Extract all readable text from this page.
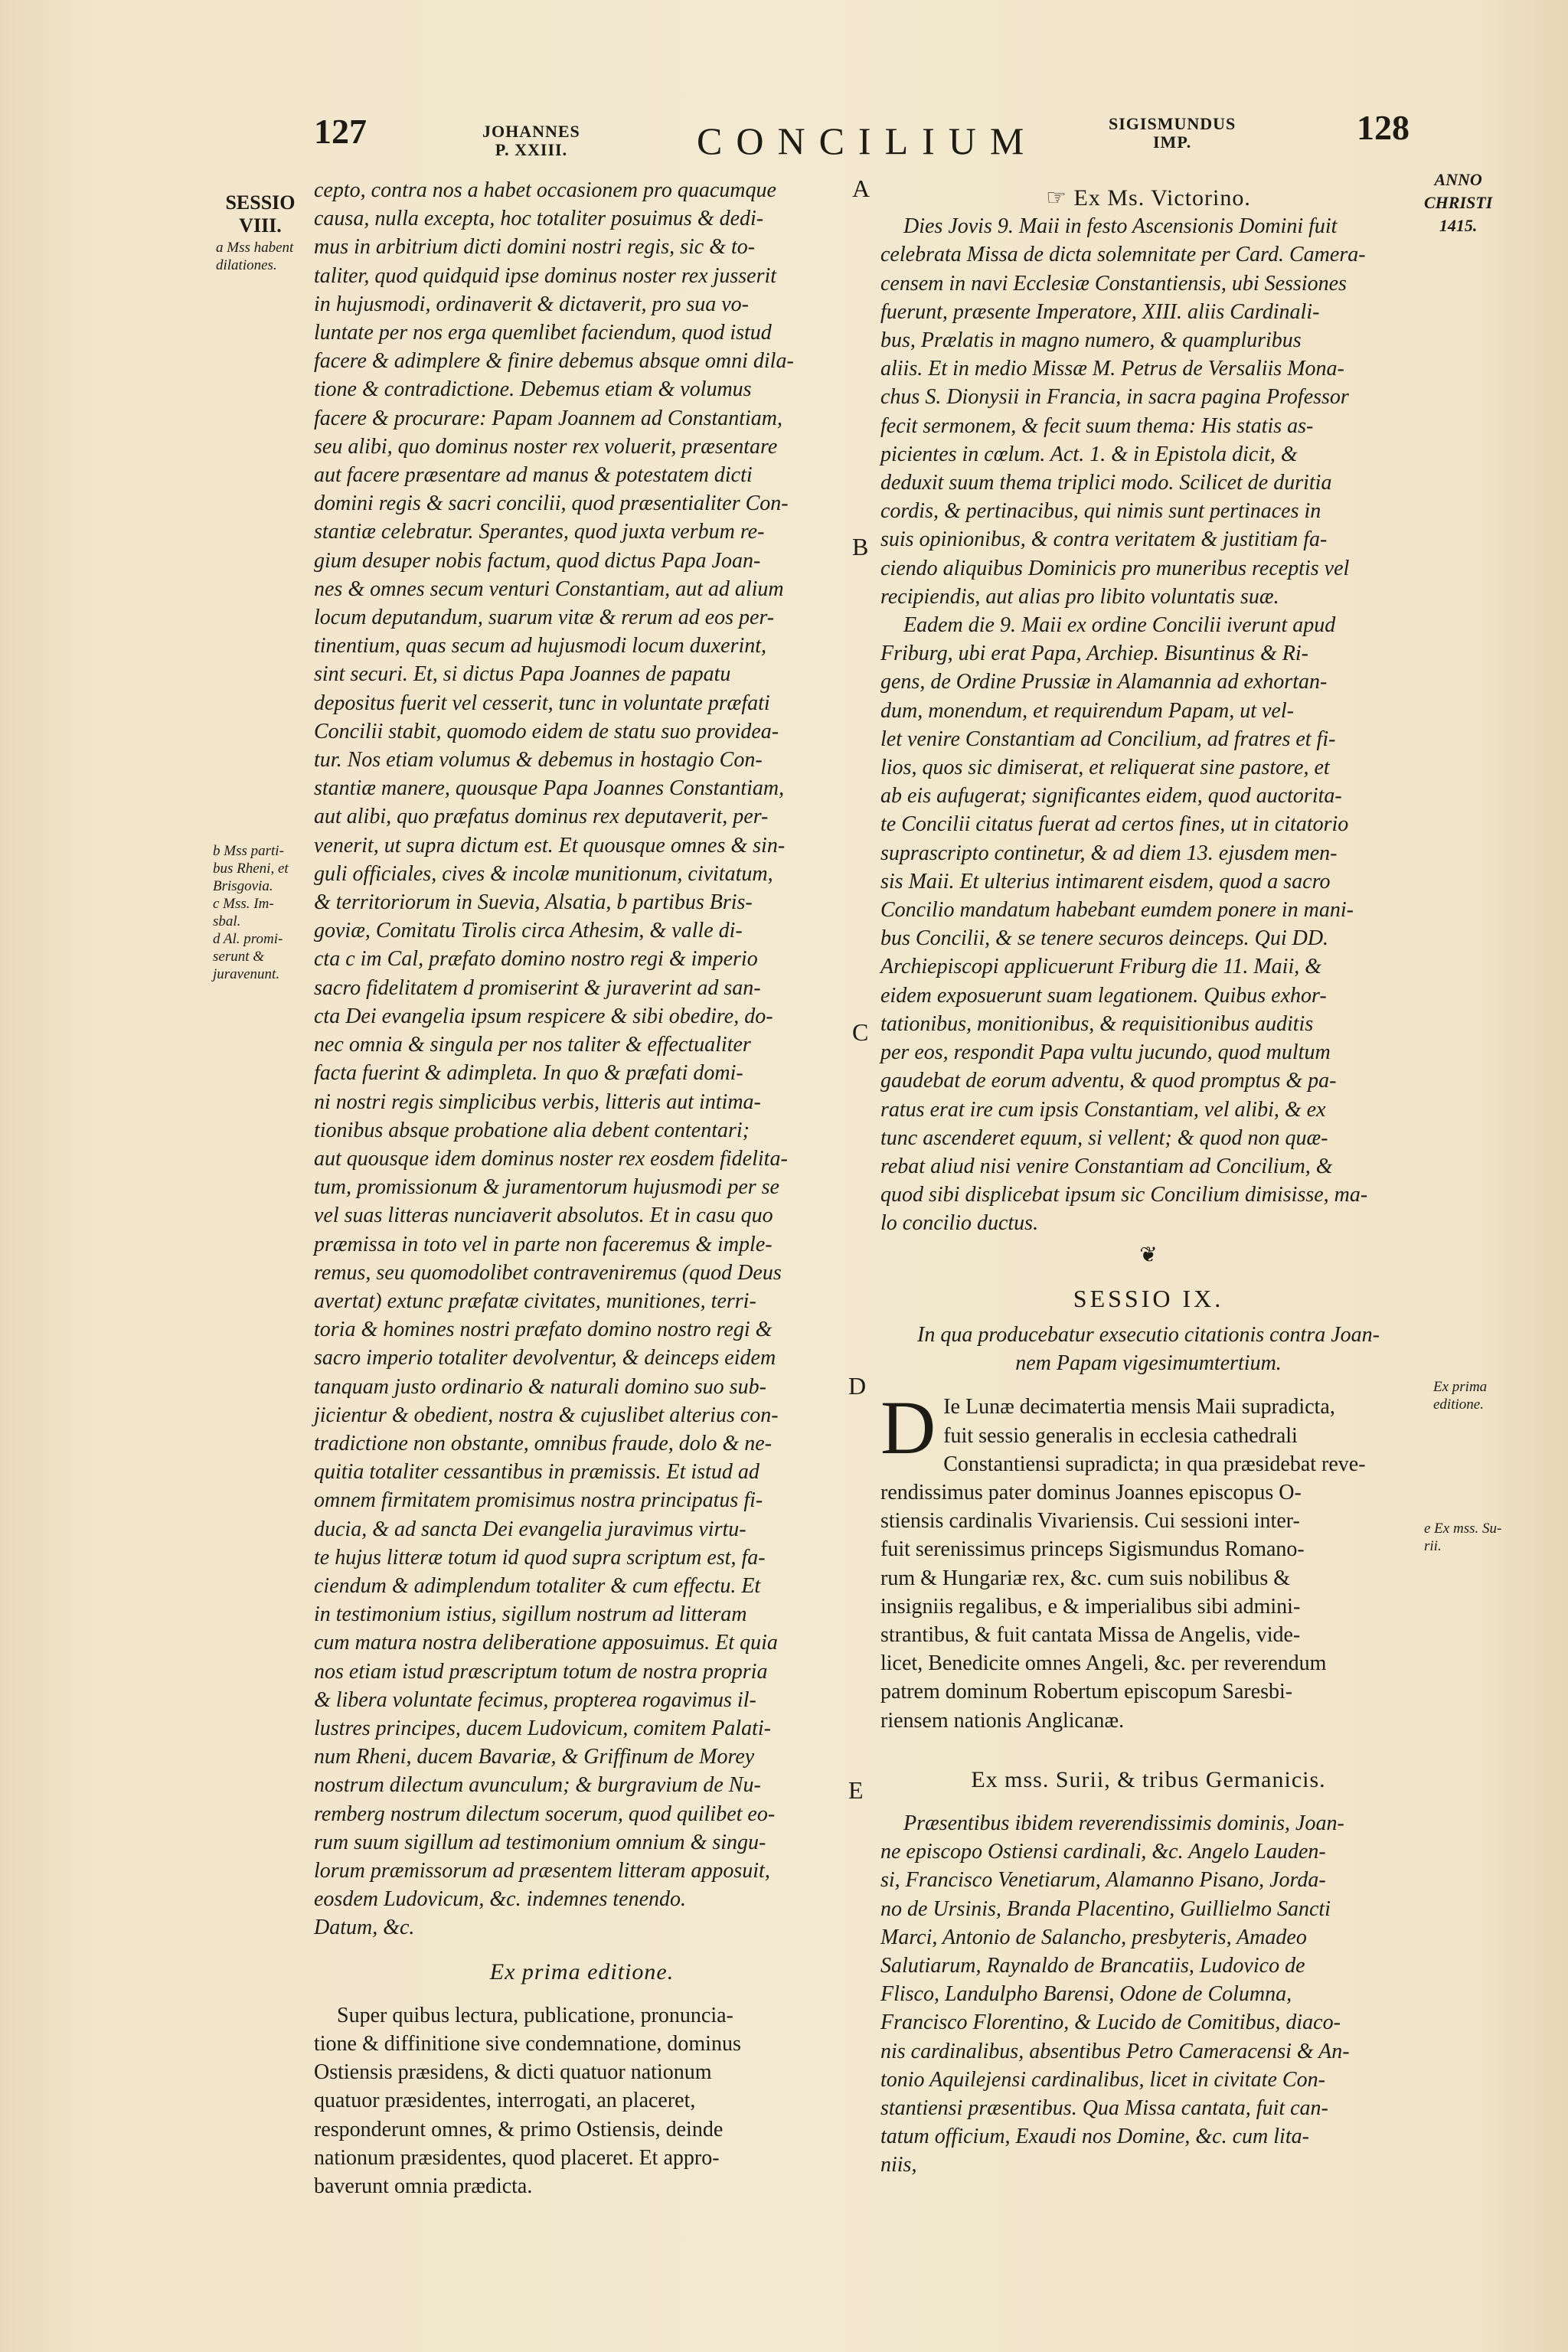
127	JOHANNES
P. XXIII.	CONCILIUM	SIGISMUNDUS
IMP.	128
ANNO
CHRISTI
1415.
SESSIO
VIII.
a Mss habent
dilationes.
b Mss parti-
bus Rheni, et
Brisgovia.
c Mss. Im-
sbal.
d Al. promi-
serunt &
juravenunt.
Ex prima
editione.
e Ex mss. Su-
rii.
A
B
C
D
E
cepto, contra nos a habet occasionem pro quacumque
causa, nulla excepta, hoc totaliter posuimus & dedi-
mus in arbitrium dicti domini nostri regis, sic & to-
taliter, quod quidquid ipse dominus noster rex jusserit
in hujusmodi, ordinaverit & dictaverit, pro sua vo-
luntate per nos erga quemlibet faciendum, quod istud
facere & adimplere & finire debemus absque omni dila-
tione & contradictione. Debemus etiam & volumus
facere & procurare: Papam Joannem ad Constantiam,
seu alibi, quo dominus noster rex voluerit, præsentare
aut facere præsentare ad manus & potestatem dicti
domini regis & sacri concilii, quod præsentialiter Con-
stantiæ celebratur. Sperantes, quod juxta verbum re-
gium desuper nobis factum, quod dictus Papa Joan-
nes & omnes secum venturi Constantiam, aut ad alium
locum deputandum, suarum vitæ & rerum ad eos per-
tinentium, quas secum ad hujusmodi locum duxerint,
sint securi. Et, si dictus Papa Joannes de papatu
depositus fuerit vel cesserit, tunc in voluntate præfati
Concilii stabit, quomodo eidem de statu suo providea-
tur. Nos etiam volumus & debemus in hostagio Con-
stantiæ manere, quousque Papa Joannes Constantiam,
aut alibi, quo præfatus dominus rex deputaverit, per-
venerit, ut supra dictum est. Et quousque omnes & sin-
guli officiales, cives & incolæ munitionum, civitatum,
& territoriorum in Suevia, Alsatia, b partibus Bris-
goviæ, Comitatu Tirolis circa Athesim, & valle di-
cta c im Cal, præfato domino nostro regi & imperio
sacro fidelitatem d promiserint & juraverint ad san-
cta Dei evangelia ipsum respicere & sibi obedire, do-
nec omnia & singula per nos taliter & effectualiter
facta fuerint & adimpleta. In quo & præfati domi-
ni nostri regis simplicibus verbis, litteris aut intima-
tionibus absque probatione alia debent contentari;
aut quousque idem dominus noster rex eosdem fidelita-
tum, promissionum & juramentorum hujusmodi per se
vel suas litteras nunciaverit absolutos. Et in casu quo
præmissa in toto vel in parte non faceremus & imple-
remus, seu quomodolibet contraveniremus (quod Deus
avertat) extunc præfatæ civitates, munitiones, terri-
toria & homines nostri præfato domino nostro regi &
sacro imperio totaliter devolventur, & deinceps eidem
tanquam justo ordinario & naturali domino suo sub-
jicientur & obedient, nostra & cujuslibet alterius con-
tradictione non obstante, omnibus fraude, dolo & ne-
quitia totaliter cessantibus in præmissis. Et istud ad
omnem firmitatem promisimus nostra principatus fi-
ducia, & ad sancta Dei evangelia juravimus virtu-
te hujus litteræ totum id quod supra scriptum est, fa-
ciendum & adimplendum totaliter & cum effectu. Et
in testimonium istius, sigillum nostrum ad litteram
cum matura nostra deliberatione apposuimus. Et quia
nos etiam istud præscriptum totum de nostra propria
& libera voluntate fecimus, propterea rogavimus il-
lustres principes, ducem Ludovicum, comitem Palati-
num Rheni, ducem Bavariæ, & Griffinum de Morey
nostrum dilectum avunculum; & burgravium de Nu-
remberg nostrum dilectum socerum, quod quilibet eo-
rum suum sigillum ad testimonium omnium & singu-
lorum præmissorum ad præsentem litteram apposuit,
eosdem Ludovicum, &c. indemnes tenendo.
Datum, &c.
Ex prima editione.
Super quibus lectura, publicatione, pronuncia-
tione & diffinitione sive condemnatione, dominus
Ostiensis præsidens, & dicti quatuor nationum
quatuor præsidentes, interrogati, an placeret,
responderunt omnes, & primo Ostiensis, deinde
nationum præsidentes, quod placeret. Et appro-
baverunt omnia prædicta.
☞ Ex Ms. Victorino.
Dies Jovis 9. Maii in festo Ascensionis Domini fuit
celebrata Missa de dicta solemnitate per Card. Camera-
censem in navi Ecclesiæ Constantiensis, ubi Sessiones
fuerunt, præsente Imperatore, XIII. aliis Cardinali-
bus, Prælatis in magno numero, & quampluribus
aliis. Et in medio Missæ M. Petrus de Versaliis Mona-
chus S. Dionysii in Francia, in sacra pagina Professor
fecit sermonem, & fecit suum thema: His statis as-
picientes in cœlum. Act. 1. & in Epistola dicit, &
deduxit suum thema triplici modo. Scilicet de duritia
cordis, & pertinacibus, qui nimis sunt pertinaces in
suis opinionibus, & contra veritatem & justitiam fa-
ciendo aliquibus Dominicis pro muneribus receptis vel
recipiendis, aut alias pro libito voluntatis suæ.
Eadem die 9. Maii ex ordine Concilii iverunt apud
Friburg, ubi erat Papa, Archiep. Bisuntinus & Ri-
gens, de Ordine Prussiæ in Alamannia ad exhortan-
dum, monendum, et requirendum Papam, ut vel-
let venire Constantiam ad Concilium, ad fratres et fi-
lios, quos sic dimiserat, et reliquerat sine pastore, et
ab eis aufugerat; significantes eidem, quod auctorita-
te Concilii citatus fuerat ad certos fines, ut in citatorio
suprascripto continetur, & ad diem 13. ejusdem men-
sis Maii. Et ulterius intimarent eisdem, quod a sacro
Concilio mandatum habebant eumdem ponere in mani-
bus Concilii, & se tenere securos deinceps. Qui DD.
Archiepiscopi applicuerunt Friburg die 11. Maii, &
eidem exposuerunt suam legationem. Quibus exhor-
tationibus, monitionibus, & requisitionibus auditis
per eos, respondit Papa vultu jucundo, quod multum
gaudebat de eorum adventu, & quod promptus & pa-
ratus erat ire cum ipsis Constantiam, vel alibi, & ex
tunc ascenderet equum, si vellent; & quod non quæ-
rebat aliud nisi venire Constantiam ad Concilium, &
quod sibi displicebat ipsum sic Concilium dimisisse, ma-
lo concilio ductus.
❦
SESSIO IX.
In qua producebatur exsecutio citationis contra Joan-
nem Papam vigesimumtertium.
D Ie Lunæ decimatertia mensis Maii supradicta,
fuit sessio generalis in ecclesia cathedrali
Constantiensi supradicta; in qua præsidebat reve-
rendissimus pater dominus Joannes episcopus O-
stiensis cardinalis Vivariensis. Cui sessioni inter-
fuit serenissimus princeps Sigismundus Romano-
rum & Hungariæ rex, &c. cum suis nobilibus &
insigniis regalibus, e & imperialibus sibi admini-
strantibus, & fuit cantata Missa de Angelis, vide-
licet, Benedicite omnes Angeli, &c. per reverendum
patrem dominum Robertum episcopum Saresbi-
riensem nationis Anglicanæ.
Ex mss. Surii, & tribus Germanicis.
Præsentibus ibidem reverendissimis dominis, Joan-
ne episcopo Ostiensi cardinali, &c. Angelo Lauden-
si, Francisco Venetiarum, Alamanno Pisano, Jorda-
no de Ursinis, Branda Placentino, Guillielmo Sancti
Marci, Antonio de Salancho, presbyteris, Amadeo
Salutiarum, Raynaldo de Brancatiis, Ludovico de
Flisco, Landulpho Barensi, Odone de Columna,
Francisco Florentino, & Lucido de Comitibus, diaco-
nis cardinalibus, absentibus Petro Cameracensi & An-
tonio Aquilejensi cardinalibus, licet in civitate Con-
stantiensi præsentibus. Qua Missa cantata, fuit can-
tatum officium, Exaudi nos Domine, &c. cum lita-
niis,
